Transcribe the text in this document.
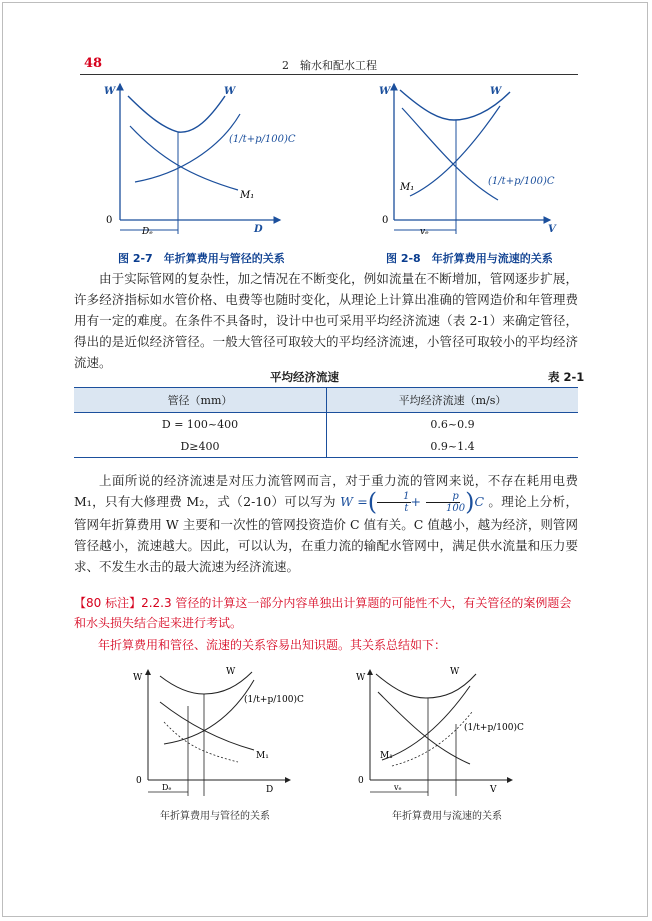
48	2　输水和配水工程
W
0
D
W
M₁
Dₑ
(1/t+p/100)C
图 2-7　年折算费用与管径的关系
W
0
V
W
M₁
vₑ
(1/t+p/100)C
图 2-8　年折算费用与流速的关系
由于实际管网的复杂性，加之情况在不断变化，例如流量在不断增加，管网逐步扩展，许多经济指标如水管价格、电费等也随时变化，从理论上计算出准确的管网造价和年管理费用有一定的难度。在条件不具备时，设计中也可采用平均经济流速（表 2-1）来确定管径，得出的是近似经济管径。一般大管径可取较大的平均经济流速，小管径可取较小的平均经济流速。
平均经济流速	表 2-1
管径（mm）	平均经济流速（m/s）
D = 100~400	0.6~0.9
D≥400	0.9~1.4
上面所说的经济流速是对压力流管网而言，对于重力流的管网来说，不存在耗用电费 M₁，只有大修理费 M₂，式（2-10）可以写为 W =( $\frac{1}{t} + \frac{p}{100} )C$ 。理论上分析，管网年折算费用 W 主要和一次性的管网投资造价 C 值有关。C 值越小，越为经济，则管网管径越小，流速越大。因此，可以认为，在重力流的输配水管网中，满足供水流量和压力要求、不发生水击的最大流速为经济流速。
【80 标注】2.2.3 管径的计算这一部分内容单独出计算题的可能性不大，有关管径的案例题会和水头损失结合起来进行考试。
年折算费用和管径、流速的关系容易出知识题。其关系总结如下：
W
0
D
W
M₁
Dₑ
(1/t+p/100)C
年折算费用与管径的关系
W
0
V
W
M₁
vₑ
(1/t+p/100)C
年折算费用与流速的关系
